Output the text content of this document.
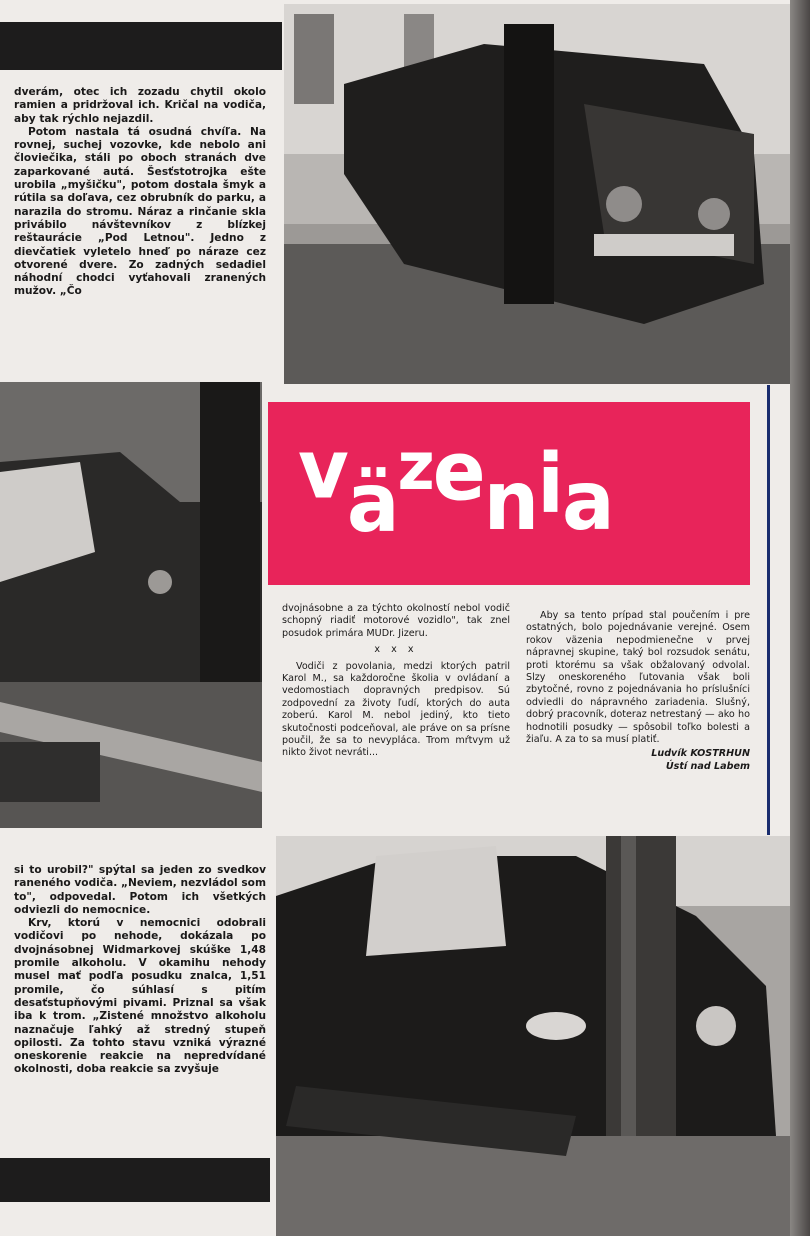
dverám, otec ich zozadu chytil okolo ramien a pridržoval ich. Kričal na vodiča, aby tak rýchlo nejazdil.

Potom nastala tá osudná chvíľa. Na rovnej, suchej vozovke, kde nebolo ani človiečika, stáli po oboch stranách dve zaparkované autá. Šesťstotrojka ešte urobila „myšičku", potom dostala šmyk a rútila sa doľava, cez obrubník do parku, a narazila do stromu. Náraz a rinčanie skla privábilo návštevníkov z blízkej reštaurácie „Pod Letnou". Jedno z dievčatiek vyletelo hneď po náraze cez otvorené dvere. Zo zadných sedadiel náhodní chodci vyťahovali zranených mužov. „Čo

väzenia

dvojnásobne a za týchto okolností nebol vodič schopný riadiť motorové vozidlo", tak znel posudok primára MUDr. Jizeru.

x x x

Vodiči z povolania, medzi ktorých patril Karol M., sa každoročne školia v ovládaní a vedomostiach dopravných predpisov. Sú zodpovední za životy ľudí, ktorých do auta zoberú. Karol M. nebol jediný, kto tieto skutočnosti podceňoval, ale práve on sa prísne poučil, že sa to nevypláca. Trom mŕtvym už nikto život nevráti...

Aby sa tento prípad stal poučením i pre ostatných, bolo pojednávanie verejné. Osem rokov väzenia nepodmienečne v prvej nápravnej skupine, taký bol rozsudok senátu, proti ktorému sa však obžalovaný odvolal. Slzy oneskoreného ľutovania však boli zbytočné, rovno z pojednávania ho príslušníci odviedli do nápravného zariadenia. Slušný, dobrý pracovník, doteraz netrestaný — ako ho hodnotili posudky — spôsobil toľko bolesti a žiaľu. A za to sa musí platiť.

Ludvík KOSTRHUN

Ústí nad Labem

si to urobil?" spýtal sa jeden zo svedkov raneného vodiča. „Neviem, nezvládol som to", odpovedal. Potom ich všetkých odviezli do nemocnice.

Krv, ktorú v nemocnici odobrali vodičovi po nehode, dokázala po dvojnásobnej Widmarkovej skúške 1,48 promile alkoholu. V okamihu nehody musel mať podľa posudku znalca, 1,51 promile, čo súhlasí s pitím desaťstupňovými pivami. Priznal sa však iba k trom. „Zistené množstvo alkoholu naznačuje ľahký až stredný stupeň opilosti. Za tohto stavu vzniká výrazné oneskorenie reakcie na nepredvídané okolnosti, doba reakcie sa zvyšuje
